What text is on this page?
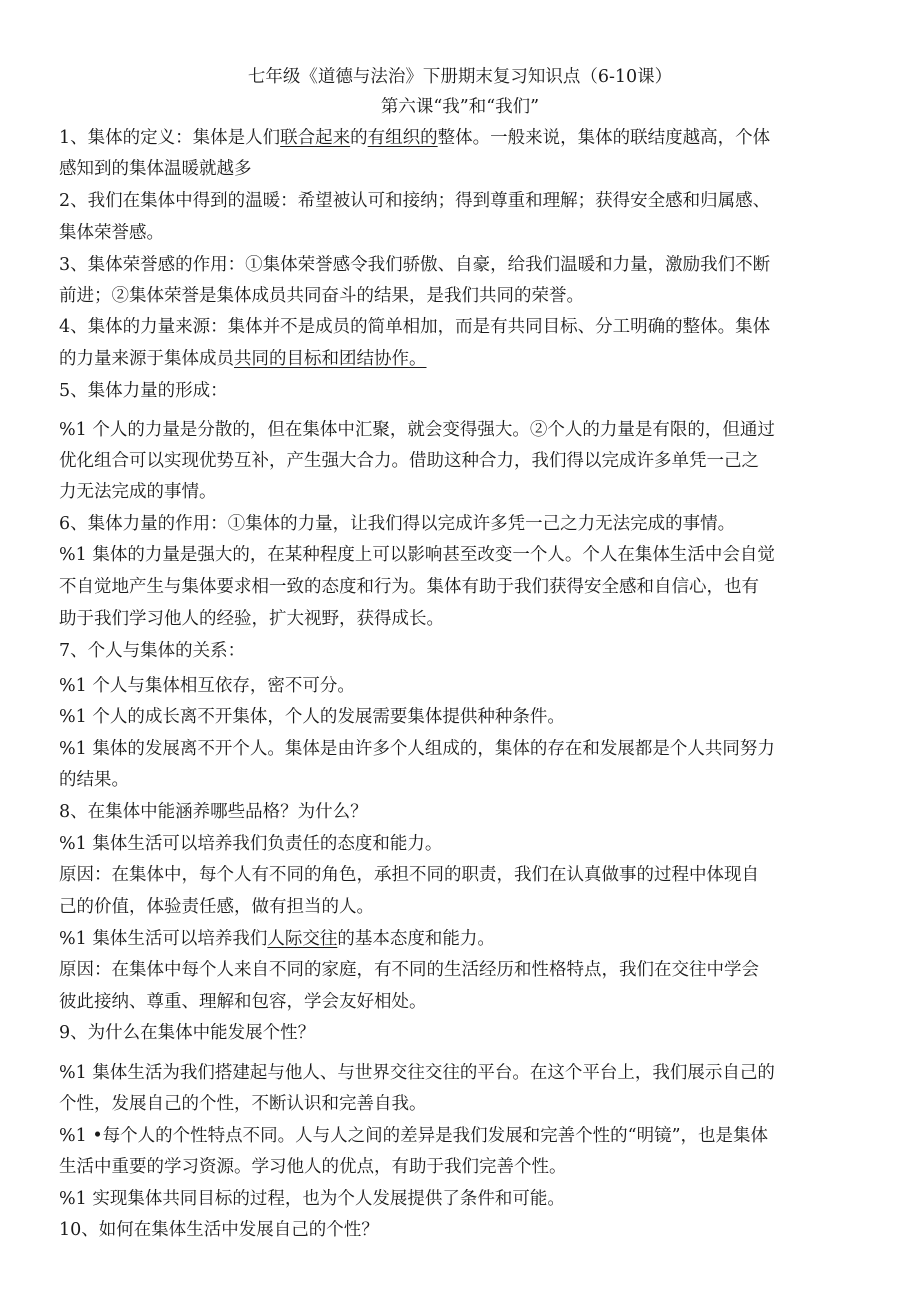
七年级《道德与法治》下册期末复习知识点（6-10课）
第六课“我”和“我们”
1、集体的定义：集体是人们联合起来的有组织的整体。一般来说，集体的联结度越高，个体
感知到的集体温暖就越多
2、我们在集体中得到的温暖：希望被认可和接纳；得到尊重和理解；获得安全感和归属感、
集体荣誉感。
3、集体荣誉感的作用：①集体荣誉感令我们骄傲、自豪，给我们温暖和力量，激励我们不断
前进；②集体荣誉是集体成员共同奋斗的结果，是我们共同的荣誉。
4、集体的力量来源：集体并不是成员的简单相加，而是有共同目标、分工明确的整体。集体
的力量来源于集体成员共同的目标和团结协作。
5、集体力量的形成：
%1 个人的力量是分散的，但在集体中汇聚，就会变得强大。②个人的力量是有限的，但通过
优化组合可以实现优势互补，产生强大合力。借助这种合力，我们得以完成许多单凭一己之
力无法完成的事情。
6、集体力量的作用：①集体的力量，让我们得以完成许多凭一己之力无法完成的事情。
%1 集体的力量是强大的，在某种程度上可以影响甚至改变一个人。个人在集体生活中会自觉
不自觉地产生与集体要求相一致的态度和行为。集体有助于我们获得安全感和自信心，也有
助于我们学习他人的经验，扩大视野，获得成长。
7、个人与集体的关系：
%1 个人与集体相互依存，密不可分。
%1 个人的成长离不开集体，个人的发展需要集体提供种种条件。
%1 集体的发展离不开个人。集体是由许多个人组成的，集体的存在和发展都是个人共同努力
的结果。
8、在集体中能涵养哪些品格？为什么？
%1 集体生活可以培养我们负责任的态度和能力。
原因：在集体中，每个人有不同的角色，承担不同的职责，我们在认真做事的过程中体现自
己的价值，体验责任感，做有担当的人。
%1 集体生活可以培养我们人际交往的基本态度和能力。
原因：在集体中每个人来自不同的家庭，有不同的生活经历和性格特点，我们在交往中学会
彼此接纳、尊重、理解和包容，学会友好相处。
9、为什么在集体中能发展个性？
%1 集体生活为我们搭建起与他人、与世界交往交往的平台。在这个平台上，我们展示自己的
个性，发展自己的个性，不断认识和完善自我。
%1 •每个人的个性特点不同。人与人之间的差异是我们发展和完善个性的“明镜”，也是集体
生活中重要的学习资源。学习他人的优点，有助于我们完善个性。
%1 实现集体共同目标的过程，也为个人发展提供了条件和可能。
10、如何在集体生活中发展自己的个性？
